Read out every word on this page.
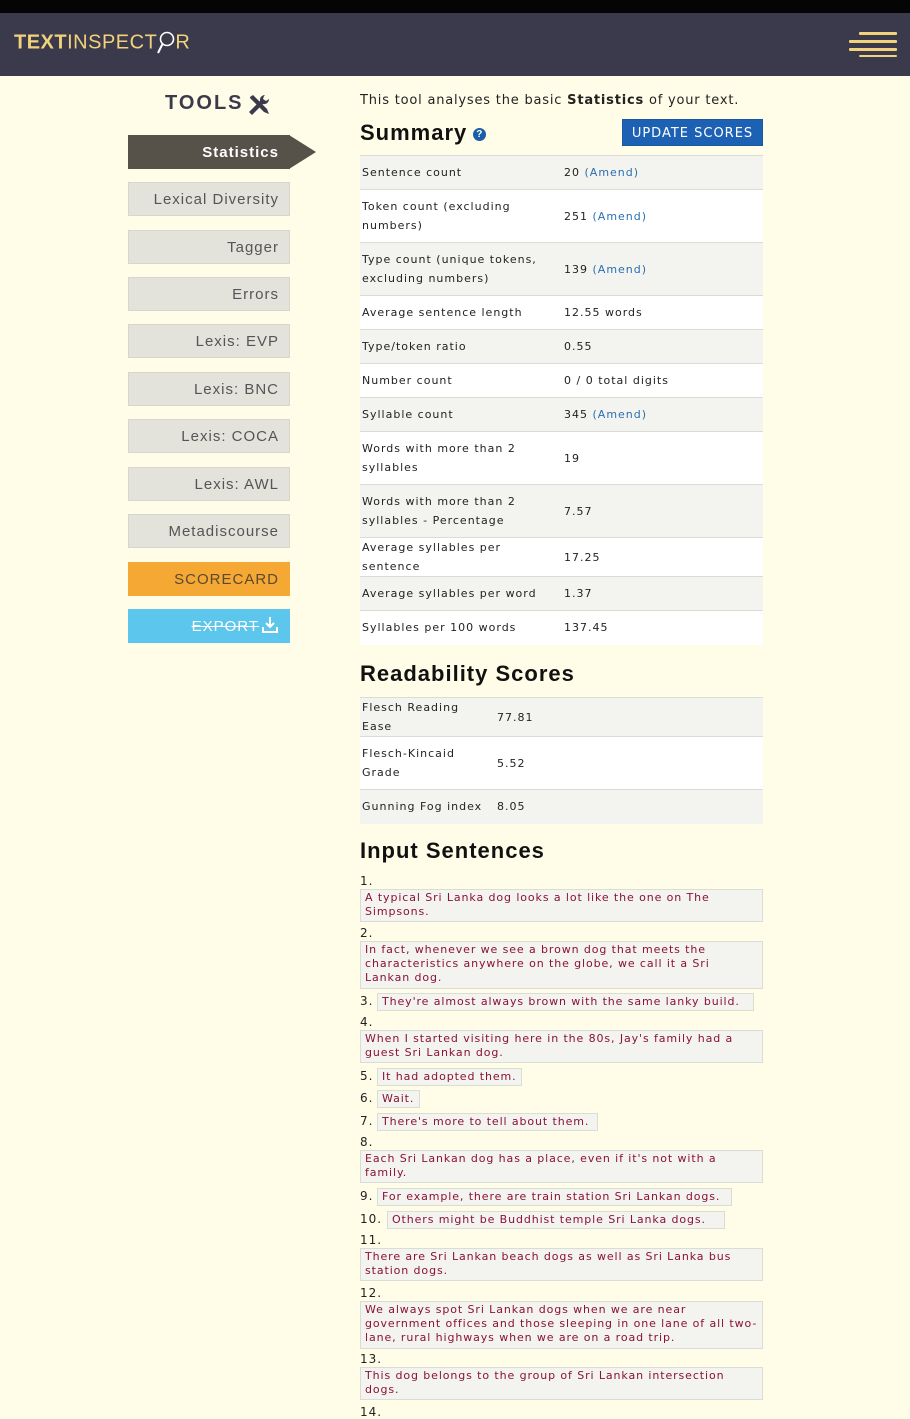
TEXTINSPECT R
TOOLS
Statistics
Lexical Diversity
Tagger
Errors
Lexis: EVP
Lexis: BNC
Lexis: COCA
Lexis: AWL
Metadiscourse
SCORECARD
EXPORT
This tool analyses the basic Statistics of your text.
Summary ?	UPDATE SCORES
Sentence count	20 (Amend)
Token count (excluding numbers)	251 (Amend)
Type count (unique tokens, excluding numbers)	139 (Amend)
Average sentence length	12.55 words
Type/token ratio	0.55
Number count	0 / 0 total digits
Syllable count	345 (Amend)
Words with more than 2 syllables	19
Words with more than 2 syllables - Percentage	7.57
Average syllables per sentence	17.25
Average syllables per word	1.37
Syllables per 100 words	137.45
Readability Scores
Flesch Reading Ease	77.81
Flesch-Kincaid Grade	5.52
Gunning Fog index	8.05
Input Sentences
1.
A typical Sri Lanka dog looks a lot like the one on The Simpsons.
2.
In fact, whenever we see a brown dog that meets the characteristics anywhere on the globe, we call it a Sri Lankan dog.
3. They're almost always brown with the same lanky build.
4.
When I started visiting here in the 80s, Jay's family had a guest Sri Lankan dog.
5. It had adopted them.
6. Wait.
7. There's more to tell about them.
8.
Each Sri Lankan dog has a place, even if it's not with a family.
9. For example, there are train station Sri Lankan dogs.
10. Others might be Buddhist temple Sri Lanka dogs.
11.
There are Sri Lankan beach dogs as well as Sri Lanka bus station dogs.
12.
We always spot Sri Lankan dogs when we are near government offices and those sleeping in one lane of all two-lane, rural highways when we are on a road trip.
13.
This dog belongs to the group of Sri Lankan intersection dogs.
14.
